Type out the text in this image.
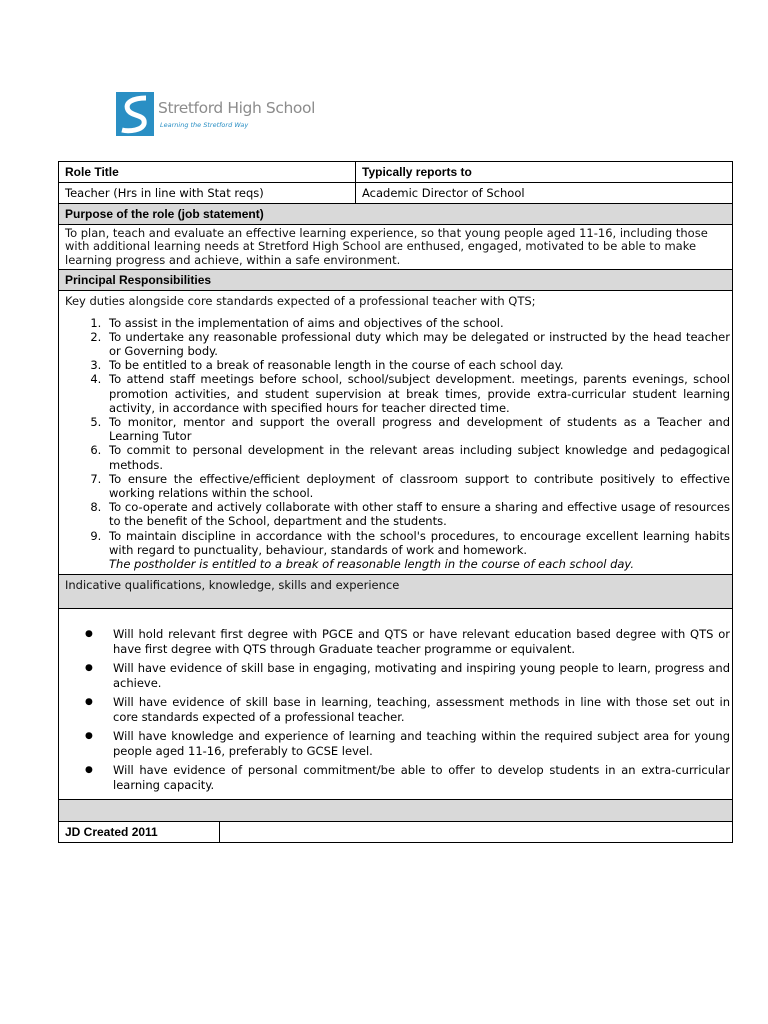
Stretford High School
Learning the Stretford Way
Role Title	Typically reports to
Teacher (Hrs in line with Stat reqs)	Academic Director of School
Purpose of the role (job statement)
To plan, teach and evaluate an effective learning experience, so that young people aged 11-16, including those with additional learning needs at Stretford High School are enthused, engaged, motivated to be able to make learning progress and achieve, within a safe environment.
Principal Responsibilities
Key duties alongside core standards expected of a professional teacher with QTS;
1. To assist in the implementation of aims and objectives of the school.
2. To undertake any reasonable professional duty which may be delegated or instructed by the head teacher or Governing body.
3. To be entitled to a break of reasonable length in the course of each school day.
4. To attend staff meetings before school, school/subject development. meetings, parents evenings, school promotion activities, and student supervision at break times, provide extra-curricular student learning activity, in accordance with specified hours for teacher directed time.
5. To monitor, mentor and support the overall progress and development of students as a Teacher and Learning Tutor
6. To commit to personal development in the relevant areas including subject knowledge and pedagogical methods.
7. To ensure the effective/efficient deployment of classroom support to contribute positively to effective working relations within the school.
8. To co-operate and actively collaborate with other staff to ensure a sharing and effective usage of resources to the benefit of the School, department and the students.
9. To maintain discipline in accordance with the school's procedures, to encourage excellent learning habits with regard to punctuality, behaviour, standards of work and homework.
The postholder is entitled to a break of reasonable length in the course of each school day.
Indicative qualifications, knowledge, skills and experience
● Will hold relevant first degree with PGCE and QTS or have relevant education based degree with QTS or have first degree with QTS through Graduate teacher programme or equivalent.
● Will have evidence of skill base in engaging, motivating and inspiring young people to learn, progress and achieve.
● Will have evidence of skill base in learning, teaching, assessment methods in line with those set out in core standards expected of a professional teacher.
● Will have knowledge and experience of learning and teaching within the required subject area for young people aged 11-16, preferably to GCSE level.
● Will have evidence of personal commitment/be able to offer to develop students in an extra-curricular learning capacity.
JD Created 2011
